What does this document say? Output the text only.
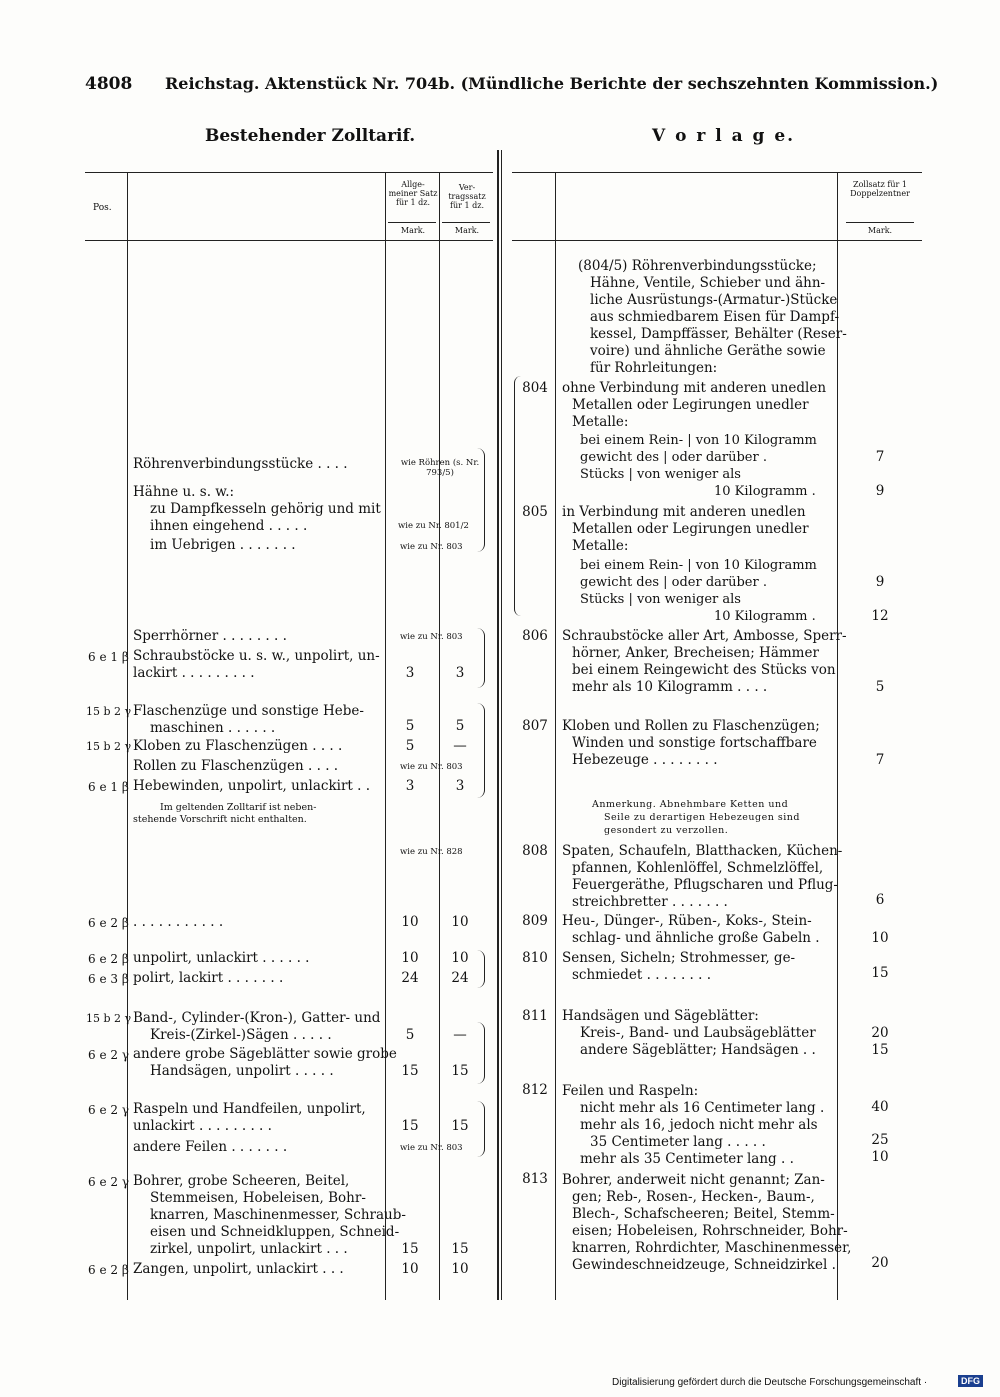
4808 Reichstag. Aktenstück Nr. 704b. (Mündliche Berichte der sechszehnten Kommission.)
Bestehender Zolltarif.	V o r l a g e.
Pos.
Allge-meiner Satz für 1 dz.
Ver-tragssatz für 1 dz.
Mark.	Mark.
Zollsatz für 1 Doppelzentner
Mark.
Röhrenverbindungsstücke . . . .	wie Röhren (s. Nr. 793/5)
Hähne u. s. w.:
zu Dampfkesseln gehörig und mit
ihnen eingehend . . . . .	wie zu Nr. 801/2
im Uebrigen . . . . . . .	wie zu Nr. 803
Sperrhörner . . . . . . . .	wie zu Nr. 803
6 e 1 β Schraubstöcke u. s. w., unpolirt, un-
lackirt . . . . . . . . .	3	3
15 b 2 γ Flaschenzüge und sonstige Hebe-
maschinen . . . . . .	5	5
15 b 2 γ Kloben zu Flaschenzügen . . . .	5	—
Rollen zu Flaschenzügen . . . .	wie zu Nr. 803
6 e 1 β Hebewinden, unpolirt, unlackirt . .	3	3
Im geltenden Zolltarif ist neben-
stehende Vorschrift nicht enthalten.
wie zu Nr. 828
6 e 2 β . . . . . . . . . . .	10	10
6 e 2 β unpolirt, unlackirt . . . . . .	10	10
6 e 3 β polirt, lackirt . . . . . . .	24	24
15 b 2 γ Band-, Cylinder-(Kron-), Gatter- und
Kreis-(Zirkel-)Sägen . . . . .	5	—
6 e 2 γ andere grobe Sägeblätter sowie grobe
Handsägen, unpolirt . . . . .	15	15
6 e 2 γ Raspeln und Handfeilen, unpolirt,
unlackirt . . . . . . . . .	15	15
andere Feilen . . . . . . .	wie zu Nr. 803
6 e 2 γ Bohrer, grobe Scheeren, Beitel,
Stemmeisen, Hobeleisen, Bohr-
knarren, Maschinenmesser, Schraub-
eisen und Schneidkluppen, Schneid-
zirkel, unpolirt, unlackirt . . .	15	15
6 e 2 β Zangen, unpolirt, unlackirt . . .	10	10
(804/5) Röhrenverbindungsstücke;
Hähne, Ventile, Schieber und ähn-
liche Ausrüstungs-(Armatur-)Stücke
aus schmiedbarem Eisen für Dampf-
kessel, Dampffässer, Behälter (Reser-
voire) und ähnliche Geräthe sowie
für Rohrleitungen:
804 ohne Verbindung mit anderen unedlen
Metallen oder Legirungen unedler
Metalle:
bei einem Rein- | von 10 Kilogramm
gewicht des | oder darüber .	7
Stücks | von weniger als
10 Kilogramm .	9
805 in Verbindung mit anderen unedlen
Metallen oder Legirungen unedler
Metalle:
bei einem Rein- | von 10 Kilogramm
gewicht des | oder darüber .	9
Stücks | von weniger als
10 Kilogramm .	12
806 Schraubstöcke aller Art, Ambosse, Sperr-
hörner, Anker, Brecheisen; Hämmer
bei einem Reingewicht des Stücks von
mehr als 10 Kilogramm . . . .	5
807 Kloben und Rollen zu Flaschenzügen;
Winden und sonstige fortschaffbare
Hebezeuge . . . . . . . .	7
Anmerkung. Abnehmbare Ketten und
Seile zu derartigen Hebezeugen sind
gesondert zu verzollen.
808 Spaten, Schaufeln, Blatthacken, Küchen-
pfannen, Kohlenlöffel, Schmelzlöffel,
Feuergeräthe, Pflugscharen und Pflug-
streichbretter . . . . . . .	6
809 Heu-, Dünger-, Rüben-, Koks-, Stein-
schlag- und ähnliche große Gabeln .	10
810 Sensen, Sicheln; Strohmesser, ge-
schmiedet . . . . . . . .	15
811 Handsägen und Sägeblätter:
Kreis-, Band- und Laubsägeblätter	20
andere Sägeblätter; Handsägen . .	15
812 Feilen und Raspeln:
nicht mehr als 16 Centimeter lang .	40
mehr als 16, jedoch nicht mehr als
35 Centimeter lang . . . . .	25
mehr als 35 Centimeter lang . .	10
813 Bohrer, anderweit nicht genannt; Zan-
gen; Reb-, Rosen-, Hecken-, Baum-,
Blech-, Schafscheeren; Beitel, Stemm-
eisen; Hobeleisen, Rohrschneider, Bohr-
knarren, Rohrdichter, Maschinenmesser,
Gewindeschneidzeuge, Schneidzirkel .	20
Digitalisierung gefördert durch die Deutsche Forschungsgemeinschaft ·	DFG
